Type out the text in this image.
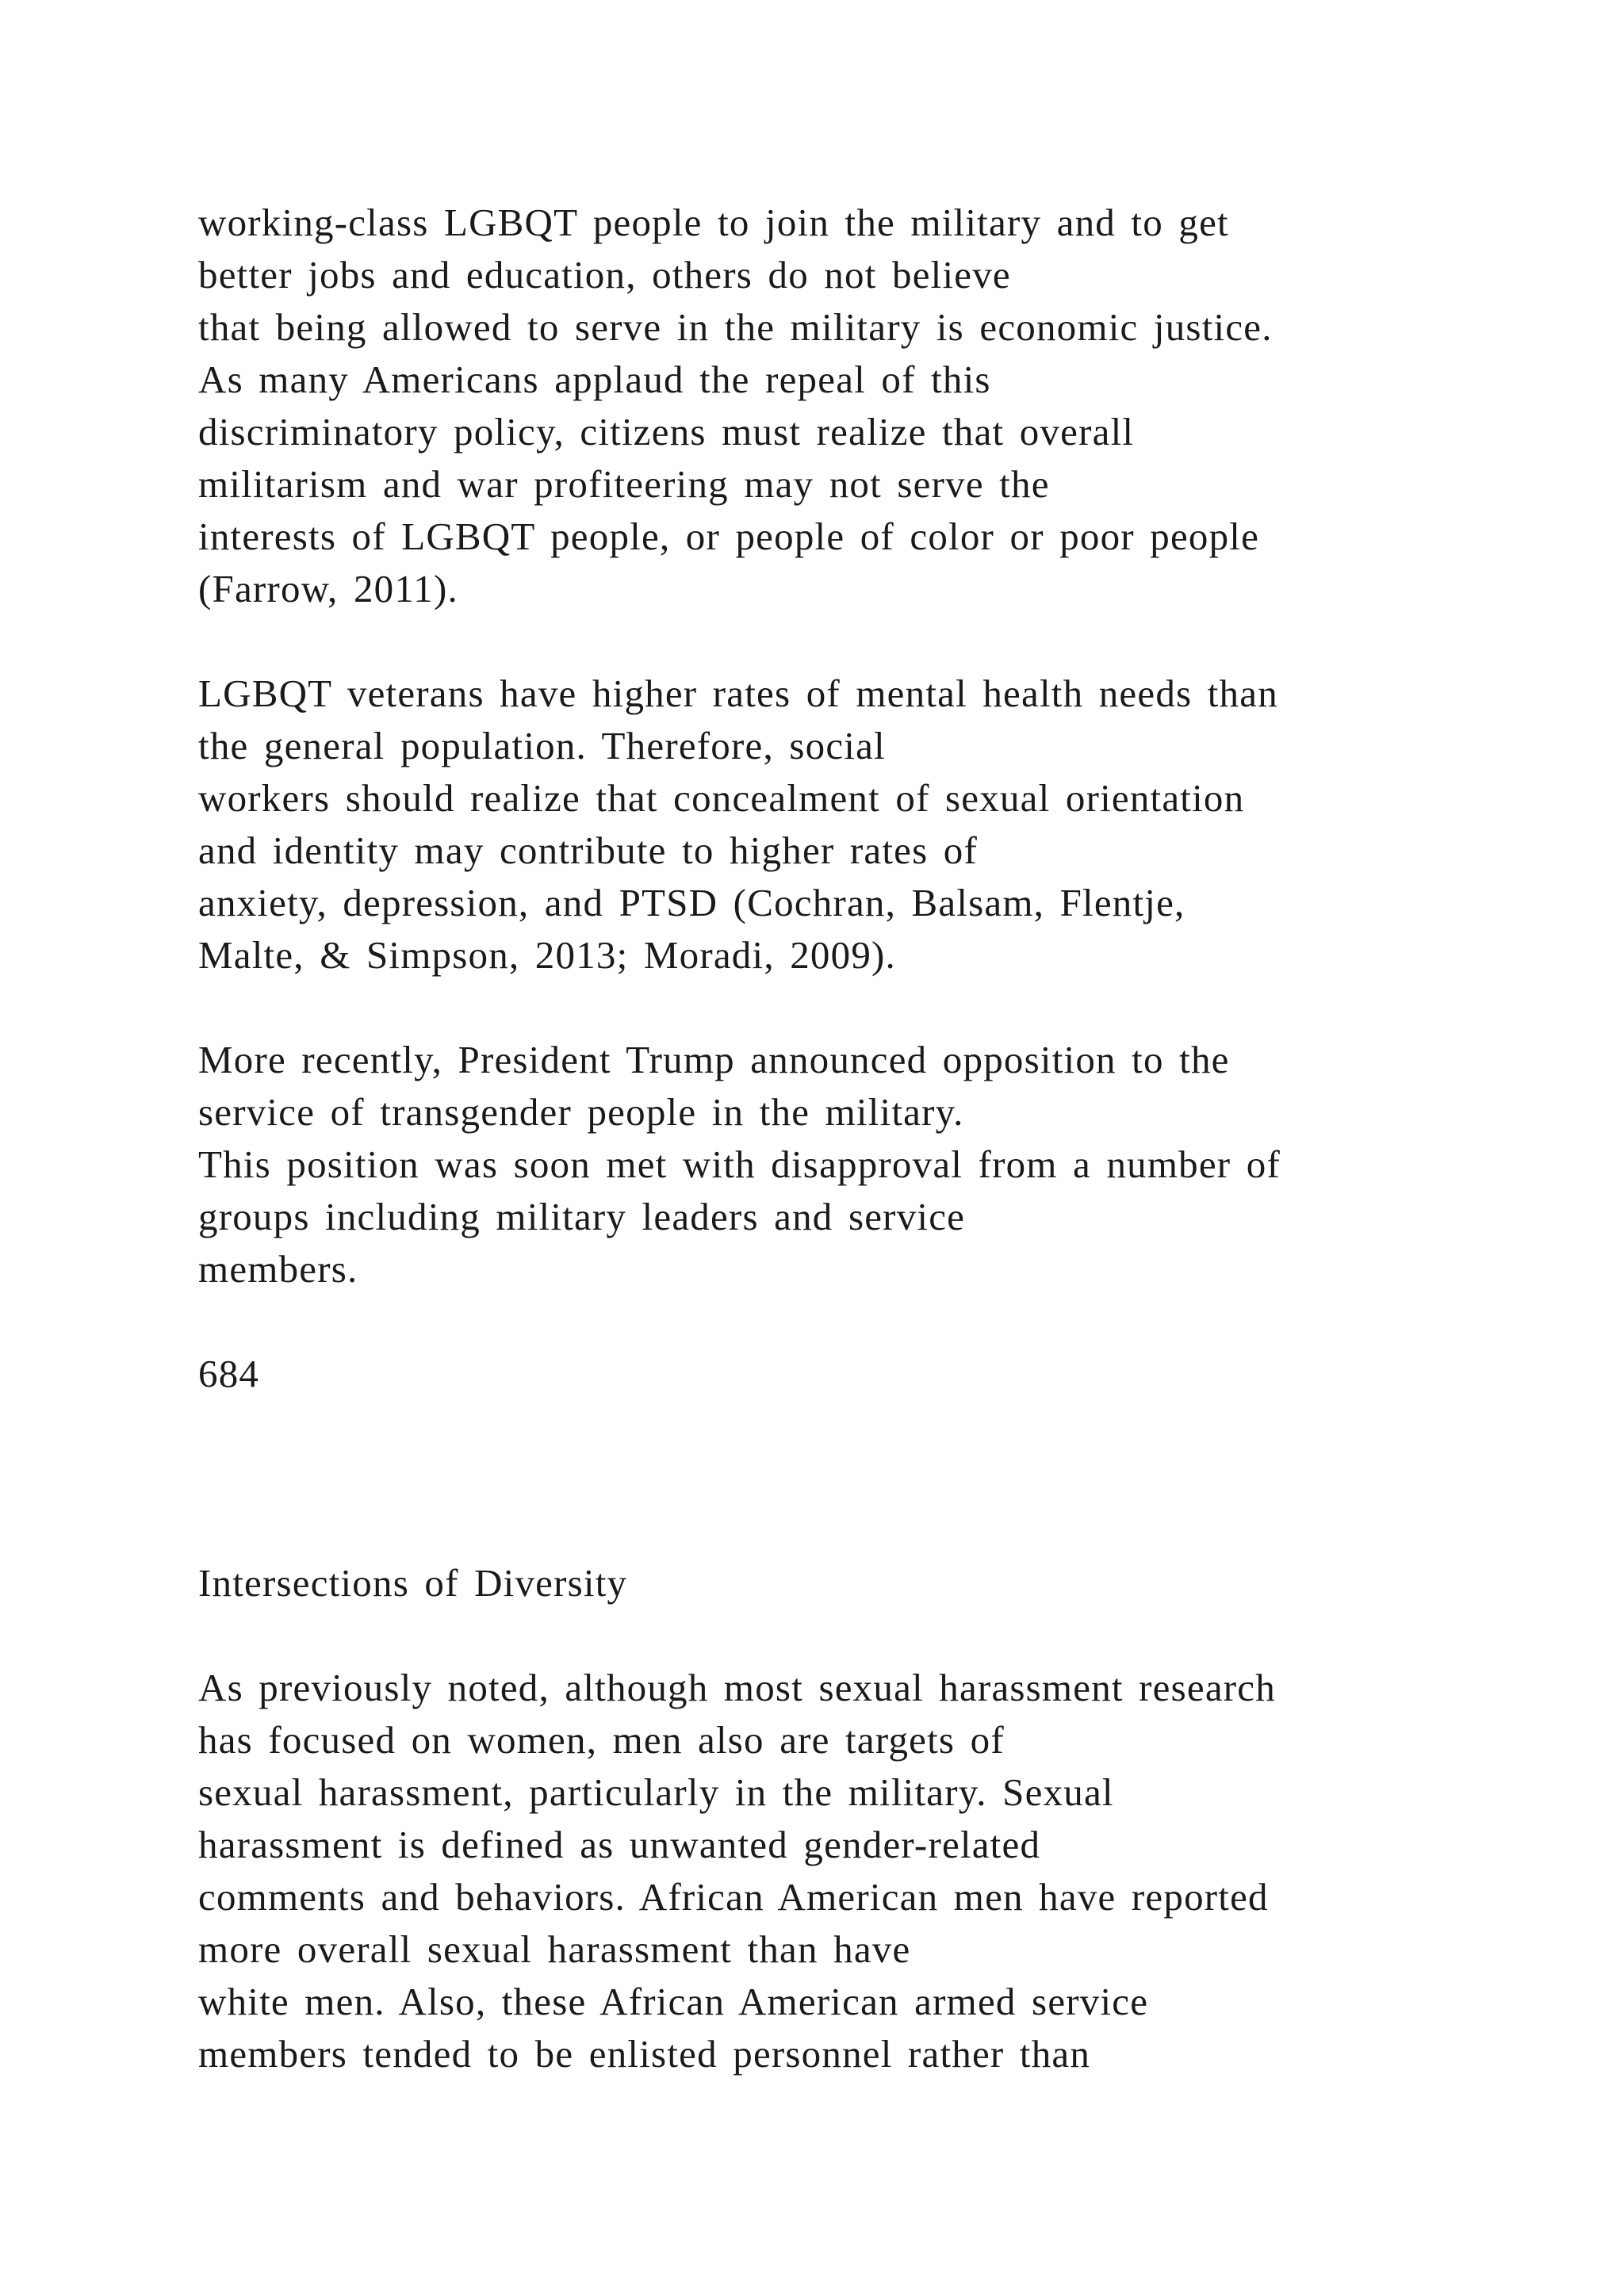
working-class LGBQT people to join the military and to get
better jobs and education, others do not believe
that being allowed to serve in the military is economic justice.
As many Americans applaud the repeal of this
discriminatory policy, citizens must realize that overall
militarism and war profiteering may not serve the
interests of LGBQT people, or people of color or poor people
(Farrow, 2011).

LGBQT veterans have higher rates of mental health needs than
the general population. Therefore, social
workers should realize that concealment of sexual orientation
and identity may contribute to higher rates of
anxiety, depression, and PTSD (Cochran, Balsam, Flentje,
Malte, & Simpson, 2013; Moradi, 2009).

More recently, President Trump announced opposition to the
service of transgender people in the military.
This position was soon met with disapproval from a number of
groups including military leaders and service
members.

684

Intersections of Diversity

As previously noted, although most sexual harassment research
has focused on women, men also are targets of
sexual harassment, particularly in the military. Sexual
harassment is defined as unwanted gender-related
comments and behaviors. African American men have reported
more overall sexual harassment than have
white men. Also, these African American armed service
members tended to be enlisted personnel rather than
